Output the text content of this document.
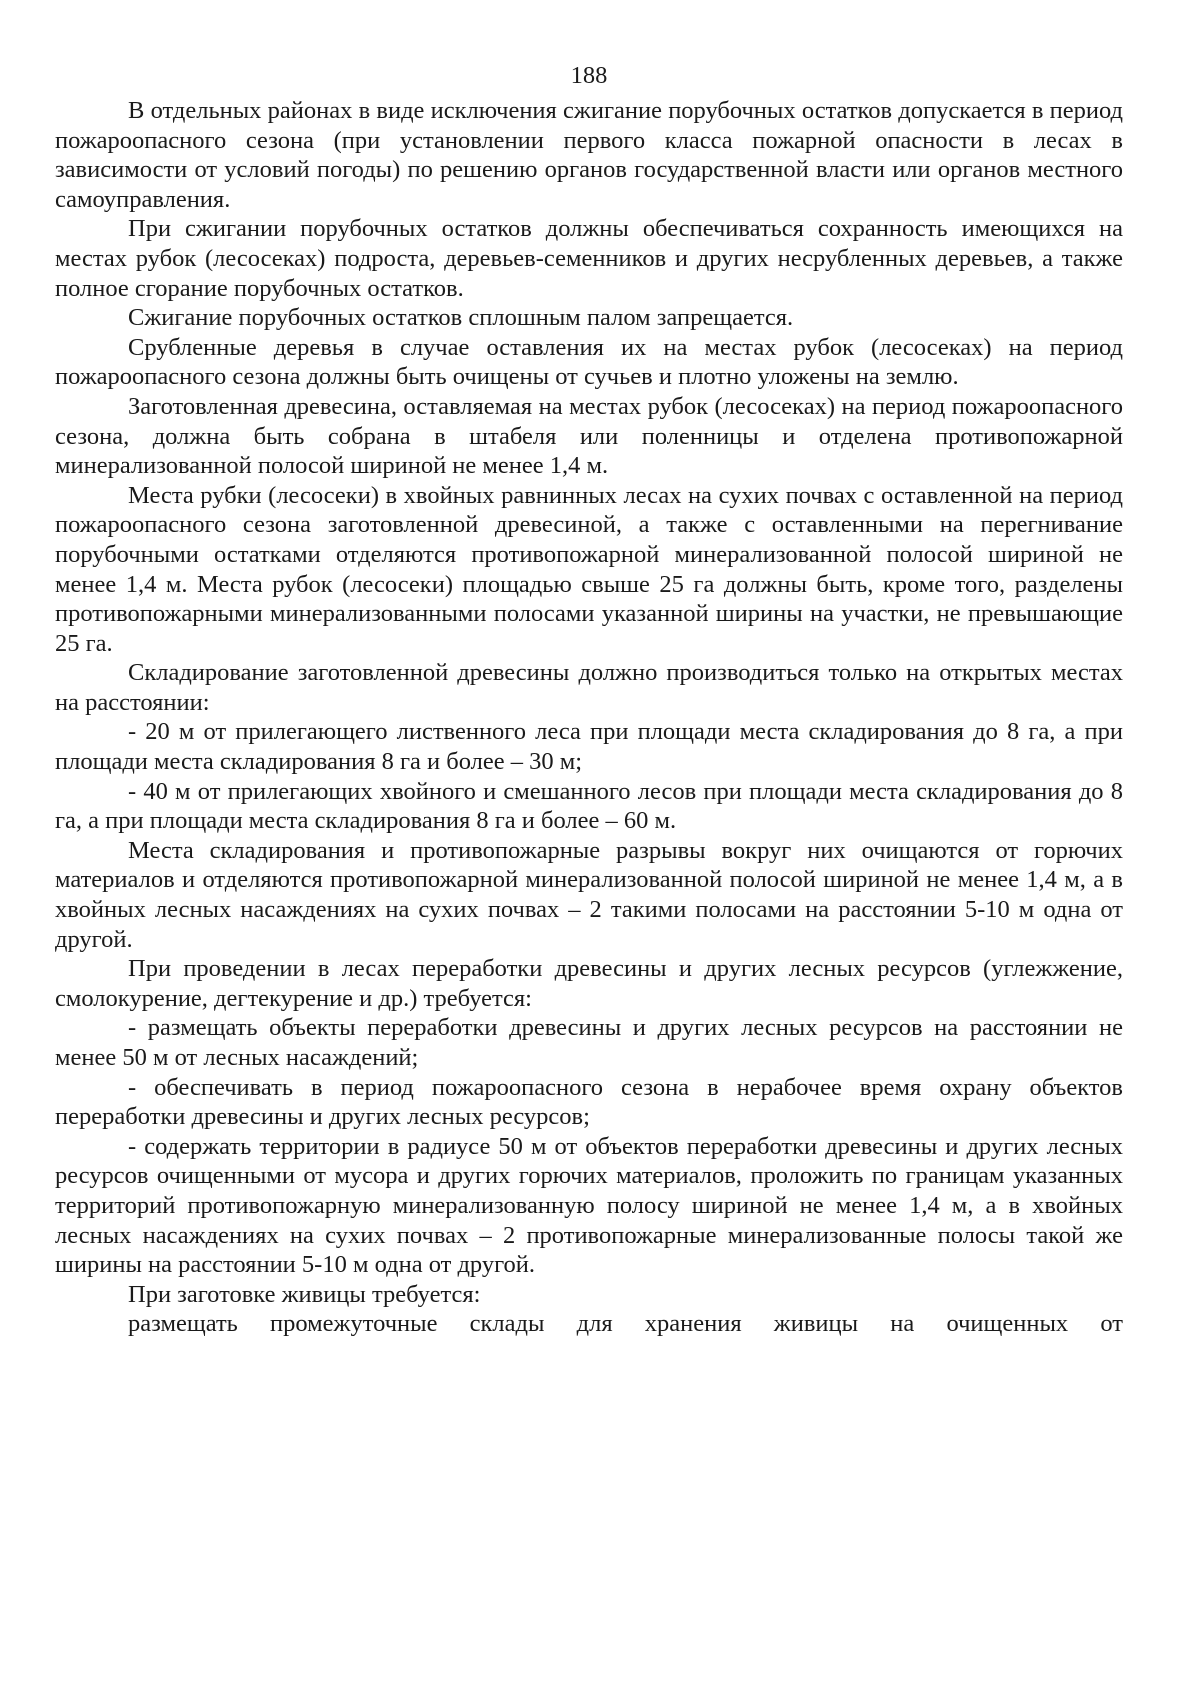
188

В отдельных районах в виде исключения сжигание порубочных остатков допускается в период пожароопасного сезона (при установлении первого класса пожарной опасности в лесах в зависимости от условий погоды) по решению органов государственной власти или органов местного самоуправления.

При сжигании порубочных остатков должны обеспечиваться сохранность имеющихся на местах рубок (лесосеках) подроста, деревьев-семенников и других несрубленных деревьев, а также полное сгорание порубочных остатков.

Сжигание порубочных остатков сплошным палом запрещается.

Срубленные деревья в случае оставления их на местах рубок (лесосеках) на период пожароопасного сезона должны быть очищены от сучьев и плотно уложены на землю.

Заготовленная древесина, оставляемая на местах рубок (лесосеках) на период пожароопасного сезона, должна быть собрана в штабеля или поленницы и отделена противопожарной минерализованной полосой шириной не менее 1,4 м.

Места рубки (лесосеки) в хвойных равнинных лесах на сухих почвах с оставленной на период пожароопасного сезона заготовленной древесиной, а также с оставленными на перегнивание порубочными остатками отделяются противопожарной минерализованной полосой шириной не менее 1,4 м. Места рубок (лесосеки) площадью свыше 25 га должны быть, кроме того, разделены противопожарными минерализованными полосами указанной ширины на участки, не превышающие 25 га.

Складирование заготовленной древесины должно производиться только на открытых местах на расстоянии:

- 20 м от прилегающего лиственного леса при площади места складирования до 8 га, а при площади места складирования 8 га и более – 30 м;

- 40 м от прилегающих хвойного и смешанного лесов при площади места складирования до 8 га, а при площади места складирования 8 га и более – 60 м.

Места складирования и противопожарные разрывы вокруг них очищаются от горючих материалов и отделяются противопожарной минерализованной полосой шириной не менее 1,4 м, а в хвойных лесных насаждениях на сухих почвах – 2 такими полосами на расстоянии 5-10 м одна от другой.

При проведении в лесах переработки древесины и других лесных ресурсов (углежжение, смолокурение, дегтекурение и др.) требуется:

- размещать объекты переработки древесины и других лесных ресурсов на расстоянии не менее 50 м от лесных насаждений;

- обеспечивать в период пожароопасного сезона в нерабочее время охрану объектов переработки древесины и других лесных ресурсов;

- содержать территории в радиусе 50 м от объектов переработки древесины и других лесных ресурсов очищенными от мусора и других горючих материалов, проложить по границам указанных территорий противопожарную минерализованную полосу шириной не менее 1,4 м, а в хвойных лесных насаждениях на сухих почвах – 2 противопожарные минерализованные полосы такой же ширины на расстоянии 5-10 м одна от другой.

При заготовке живицы требуется:

размещать промежуточные склады для хранения живицы на очищенных от
